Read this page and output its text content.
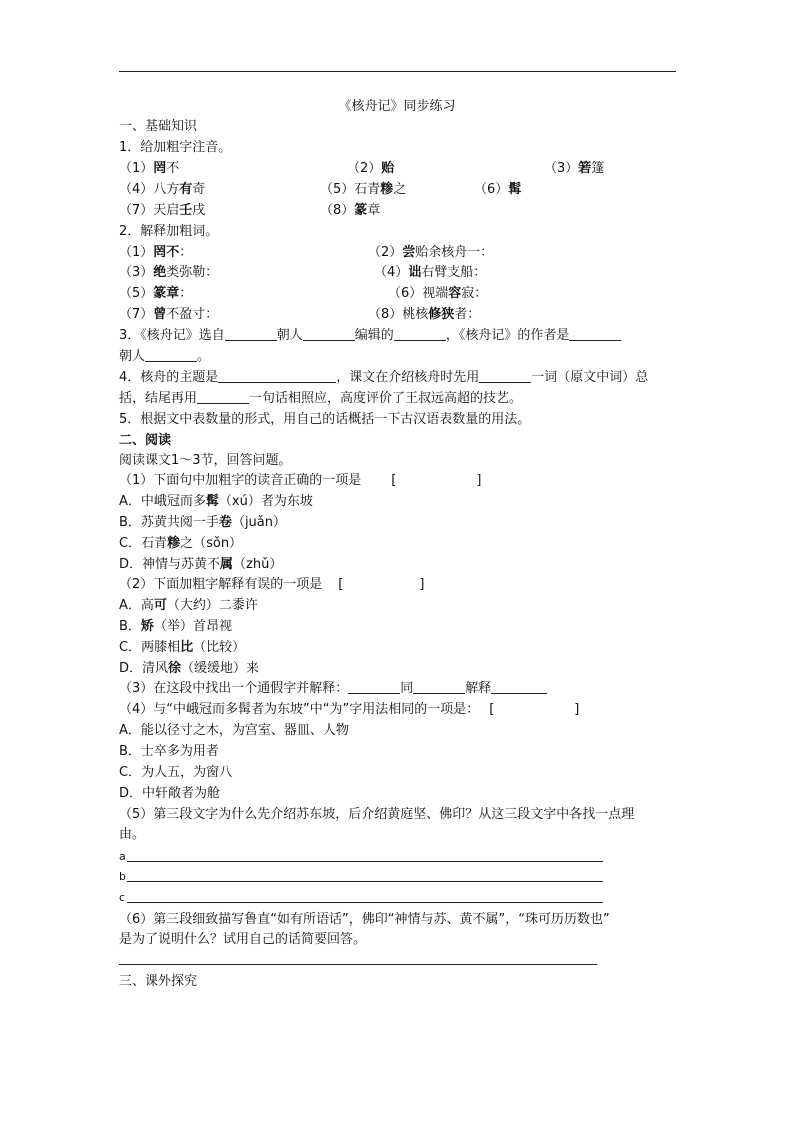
《核舟记》同步练习
一、基础知识
1．给加粗字注音。
（1）罔不	（2）贻	（3）箬篷
（4）八方有奇	（5）石青糁之	（6）髯
（7）天启壬戌	（8）篆章
2．解释加粗词。
（1）罔不：	（2）尝贻余核舟一：
（3）绝类弥勒：	（4）诎右臂支船：
（5）篆章：	（6）视端容寂：
（7）曾不盈寸：	（8）桃核修狭者：
3．《核舟记》选自	朝人	编辑的	，《核舟记》的作者是
朝人	。
4．核舟的主题是	，课文在介绍核舟时先用	一词（原文中词）总
括，结尾再用	一句话相照应，高度评价了王叔远高超的技艺。
5．根据文中表数量的形式，用自己的话概括一下古汉语表数量的用法。
二、阅读
阅读课文1～3节，回答问题。
（1）下面句中加粗字的读音正确的一项是 [	]
A．中峨冠而多髯（xú）者为东坡
B．苏黄共阅一手卷（juǎn）
C．石青糁之（sǒn）
D．神情与苏黄不属（zhǔ）
（2）下面加粗字解释有误的一项是 [	]
A．高可（大约）二黍许
B．矫（举）首昂视
C．两膝相比（比较）
D．清风徐（缓缓地）来
（3）在这段中找出一个通假字并解释：	同	解释
（4）与“中峨冠而多髯者为东坡”中“为”字用法相同的一项是： [	]
A．能以径寸之木，为宫室、器皿、人物
B．士卒多为用者
C．为人五，为窗八
D．中轩敞者为舱
（5）第三段文字为什么先介绍苏东坡，后介绍黄庭坚、佛印？从这三段文字中各找一点理
由。
a
b
c
（6）第三段细致描写鲁直“如有所语话”，佛印“神情与苏、黄不属”，“珠可历历数也”
是为了说明什么？试用自己的话简要回答。
三、课外探究
